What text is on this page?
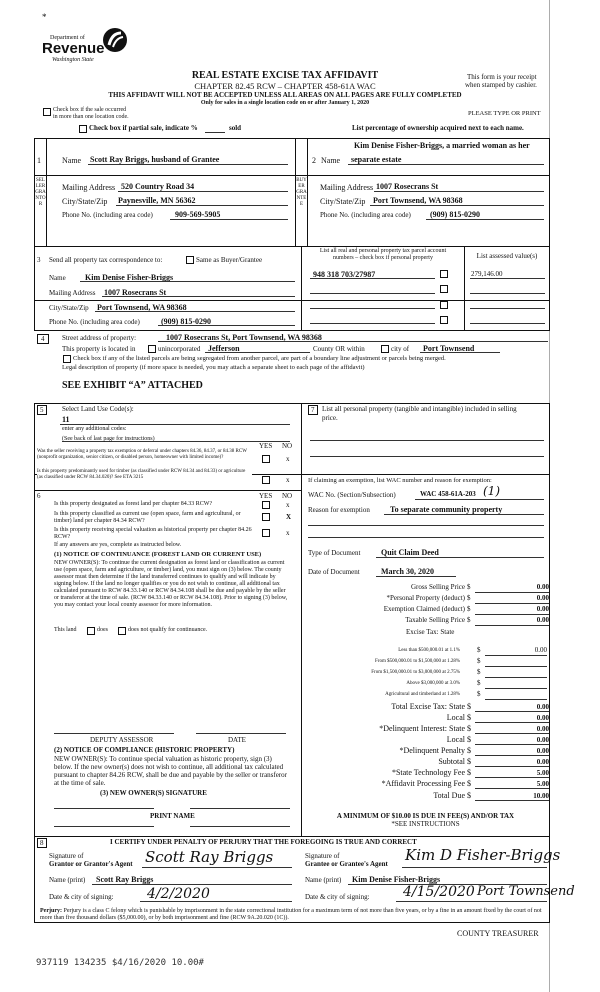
*
Department of
Revenue
Washington State
REAL ESTATE EXCISE TAX AFFIDAVIT
CHAPTER 82.45 RCW – CHAPTER 458-61A WAC
THIS AFFIDAVIT WILL NOT BE ACCEPTED UNLESS ALL AREAS ON ALL PAGES ARE FULLY COMPLETED
Only for sales in a single location code on or after January 1, 2020
This form is your receipt
when stamped by cashier.
PLEASE TYPE OR PRINT
Check box if the sale occurred
in more than one location code.
Check box if partial sale, indicate %	sold	List percentage of ownership acquired next to each name.
1	Name Scott Ray Briggs, husband of Grantee
SELLER GRANTOR
Mailing Address 520 Country Road 34
City/State/Zip Paynesville, MN 56362
Phone No. (including area code)	909-569-5905
Kim Denise Fisher-Briggs, a married woman as her
2 Name separate estate
BUYER GRANTEE
Mailing Address 1007 Rosecrans St
City/State/Zip Port Townsend, WA 98368
Phone No. (including area code) (909) 815-0290
3 Send all property tax correspondence to:	Same as Buyer/Grantee
Name Kim Denise Fisher-Briggs
Mailing Address 1007 Rosecrans St
List all real and personal property tax parcel account
numbers – check box if personal property	List assessed value(s)
948 318 703/27987	279,146.00
City/State/Zip Port Townsend, WA 98368
Phone No. (including area code)	(909) 815-0290
4	Street address of property:	1007 Rosecrans St, Port Townsend, WA 98368
This property is located in	unincorporated Jefferson	County OR within	city of Port Townsend
Check box if any of the listed parcels are being segregated from another parcel, are part of a boundary line adjustment or parcels being merged.
Legal description of property (if more space is needed, you may attach a separate sheet to each page of the affidavit)
SEE EXHIBIT “A” ATTACHED
5	Select Land Use Code(s):
11
enter any additional codes:
(See back of last page for instructions)
YES NO
Was the seller receiving a property tax exemption or deferral under chapters 84.36, 84.37, or 84.38 RCW (nonprofit organization, senior citizen, or disabled person, homeowner with limited income)?	x
Is this property predominantly used for timber (as classified under RCW 84.34 and 84.33) or agriculture (as classified under RCW 84.34.020)? See ETA 3215	x
6	YES NO
Is this property designated as forest land per chapter 84.33 RCW?	x
Is this property classified as current use (open space, farm and agricultural, or timber) land per chapter 84.34 RCW?	X
Is this property receiving special valuation as historical property per chapter 84.26 RCW?	x
If any answers are yes, complete as instructed below.
(1) NOTICE OF CONTINUANCE (FOREST LAND OR CURRENT USE)
NEW OWNER(S): To continue the current designation as forest land or classification as current use (open space, farm and agriculture, or timber) land, you must sign on (3) below. The county assessor must then determine if the land transferred continues to qualify and will indicate by signing below. If the land no longer qualifies or you do not wish to continue, all additional tax calculated pursuant to RCW 84.33.140 or RCW 84.34.108 shall be due and payable by the seller or transferor at the time of sale. (RCW 84.33.140 or RCW 84.34.108). Prior to signing (3) below, you may contact your local county assessor for more information.
This land	does	does not qualify for continuance.
DEPUTY ASSESSOR	DATE
(2) NOTICE OF COMPLIANCE (HISTORIC PROPERTY)
NEW OWNER(S): To continue special valuation as historic property, sign (3) below. If the new owner(s) does not wish to continue, all additional tax calculated pursuant to chapter 84.26 RCW, shall be due and payable by the seller or transferor at the time of sale.
(3) NEW OWNER(S) SIGNATURE
PRINT NAME
7	List all personal property (tangible and intangible) included in selling
price.
If claiming an exemption, list WAC number and reason for exemption:
WAC No. (Section/Subsection)	WAC 458-61A-203 (1)
Reason for exemption	To separate community property
Type of Document	Quit Claim Deed
Date of Document	March 30, 2020
Gross Selling Price $	0.00
*Personal Property (deduct) $	0.00
Exemption Claimed (deduct) $	0.00
Taxable Selling Price $	0.00
Excise Tax: State
Less than $500,000.01 at 1.1% $	0.00
From $500,000.01 to $1,500,000 at 1.28% $
From $1,500,000.01 to $3,000,000 at 2.75% $
Above $3,000,000 at 3.0% $
Agricultural and timberland at 1.28% $
Total Excise Tax: State $	0.00
Local $	0.00
*Delinquent Interest: State $	0.00
Local $	0.00
*Delinquent Penalty $	0.00
Subtotal $	0.00
*State Technology Fee $	5.00
*Affidavit Processing Fee $	5.00
Total Due $	10.00
A MINIMUM OF $10.00 IS DUE IN FEE(S) AND/OR TAX
*SEE INSTRUCTIONS
8	I CERTIFY UNDER PENALTY OF PERJURY THAT THE FOREGOING IS TRUE AND CORRECT
Signature of
Grantor or Grantor's Agent Scott Ray Briggs	Signature of
Grantee or Grantee's Agent Kim D Fisher-Briggs
Name (print) Scott Ray Briggs	Name (print) Kim Denise Fisher-Briggs
Date & city of signing: 4/2/2020	Date & city of signing: 4/15/2020 Port Townsend
Perjury: Perjury is a class C felony which is punishable by imprisonment in the state correctional institution for a maximum term of not more than five years, or by a fine in an amount fixed by the court of not more than five thousand dollars ($5,000.00), or by both imprisonment and fine (RCW 9A.20.020 (1C)).
COUNTY TREASURER
937119 134235 $4/16/2020 10.00#
